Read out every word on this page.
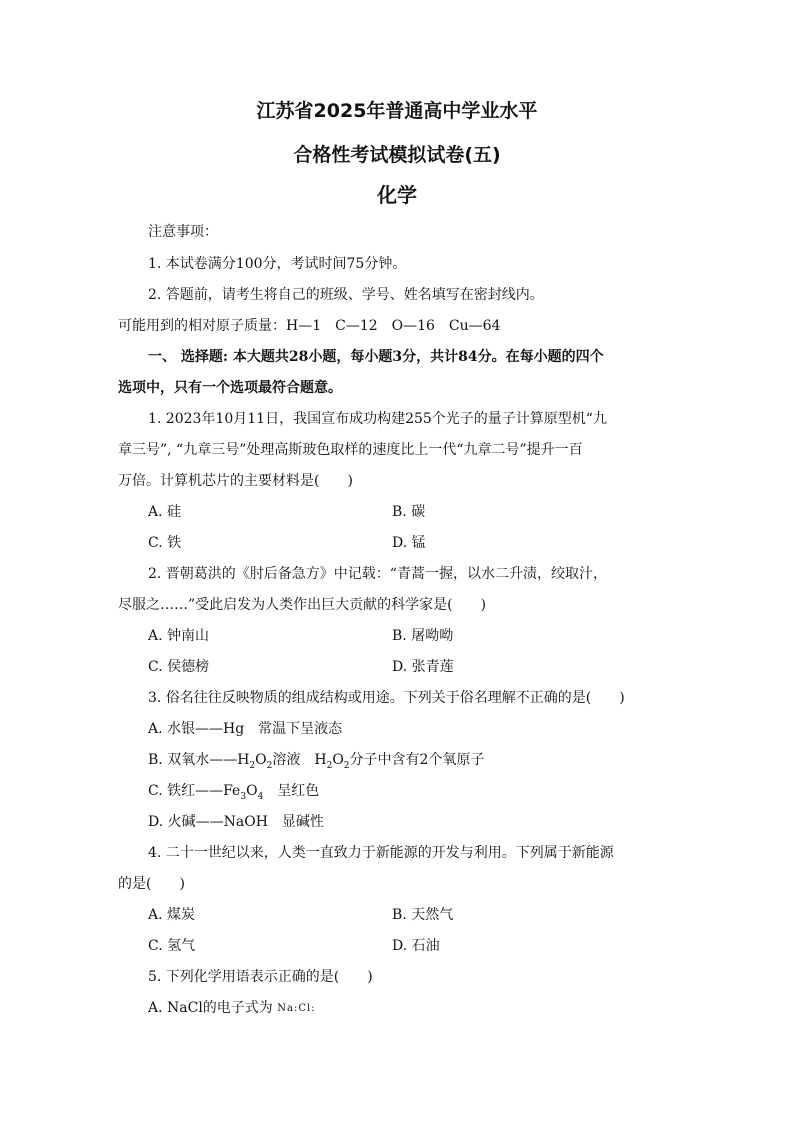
江苏省2025年普通高中学业水平
合格性考试模拟试卷(五)
化学
注意事项：
1. 本试卷满分100分，考试时间75分钟。
2. 答题前，请考生将自己的班级、学号、姓名填写在密封线内。
可能用到的相对原子质量：H—1　C—12　O—16　Cu—64
一、 选择题: 本大题共28小题，每小题3分，共计84分。在每小题的四个
选项中，只有一个选项最符合题意。
1. 2023年10月11日，我国宣布成功构建255个光子的量子计算原型机“九
章三号”, “九章三号”处理高斯玻色取样的速度比上一代“九章二号”提升一百
万倍。计算机芯片的主要材料是(　　)
A. 硅	B. 碳
C. 铁	D. 锰
2. 晋朝葛洪的《肘后备急方》中记载：“青蒿一握，以水二升渍，绞取汁，
尽服之……”受此启发为人类作出巨大贡献的科学家是(　　)
A. 钟南山	B. 屠呦呦
C. 侯德榜	D. 张青莲
3. 俗名往往反映物质的组成结构或用途。下列关于俗名理解不正确的是(　　)
A. 水银——Hg　常温下呈液态
B. 双氧水$——H_2O_2$溶液　$H_2O_2$分子中含有2个氧原子
C. 铁红$——Fe_3O_4$　呈红色
D. 火碱——NaOH　显碱性
4. 二十一世纪以来，人类一直致力于新能源的开发与利用。下列属于新能源
的是(　　)
A. 煤炭	B. 天然气
C. 氢气	D. 石油
5. 下列化学用语表示正确的是(　　)
A. NaCl的电子式为 Na:Cl:
